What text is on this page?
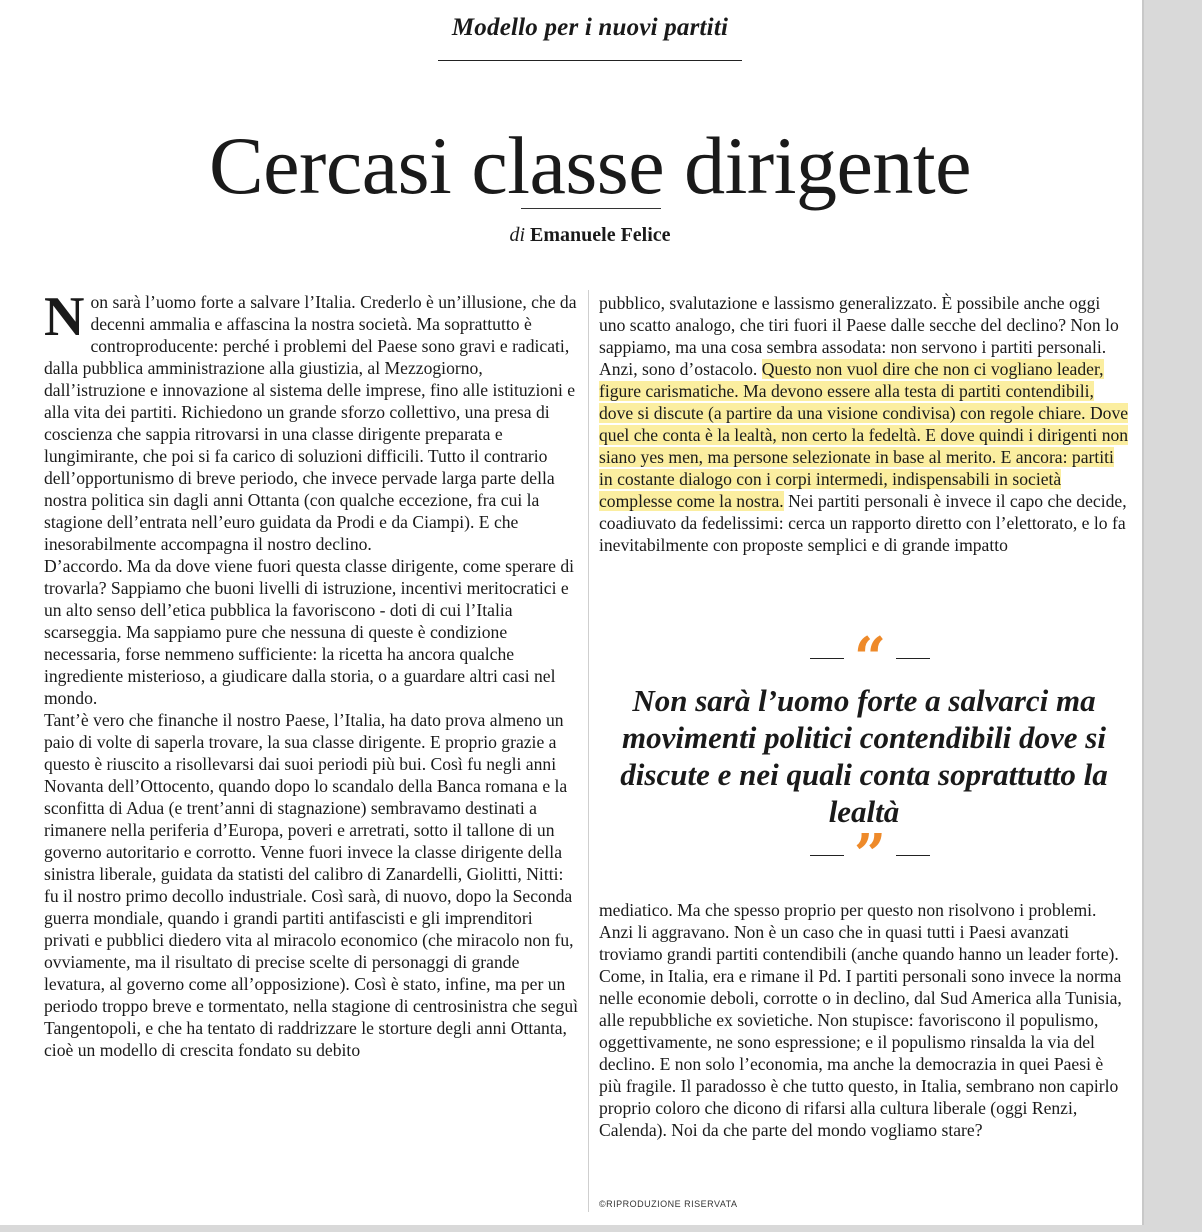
Modello per i nuovi partiti
Cercasi classe dirigente
di Emanuele Felice

Non sarà l’uomo forte a salvare l’Italia. Crederlo è un’illusione, che da decenni ammalia e affascina la nostra società. Ma soprattutto è controproducente: perché i problemi del Paese sono gravi e radicati, dalla pubblica amministrazione alla giustizia, al Mezzogiorno, dall’istruzione e innovazione al sistema delle imprese, fino alle istituzioni e alla vita dei partiti. Richiedono un grande sforzo collettivo, una presa di coscienza che sappia ritrovarsi in una classe dirigente preparata e lungimirante, che poi si fa carico di soluzioni difficili. Tutto il contrario dell’opportunismo di breve periodo, che invece pervade larga parte della nostra politica sin dagli anni Ottanta (con qualche eccezione, fra cui la stagione dell’entrata nell’euro guidata da Prodi e da Ciampi). E che inesorabilmente accompagna il nostro declino.

D’accordo. Ma da dove viene fuori questa classe dirigente, come sperare di trovarla? Sappiamo che buoni livelli di istruzione, incentivi meritocratici e un alto senso dell’etica pubblica la favoriscono - doti di cui l’Italia scarseggia. Ma sappiamo pure che nessuna di queste è condizione necessaria, forse nemmeno sufficiente: la ricetta ha ancora qualche ingrediente misterioso, a giudicare dalla storia, o a guardare altri casi nel mondo.

Tant’è vero che finanche il nostro Paese, l’Italia, ha dato prova almeno un paio di volte di saperla trovare, la sua classe dirigente. E proprio grazie a questo è riuscito a risollevarsi dai suoi periodi più bui. Così fu negli anni Novanta dell’Ottocento, quando dopo lo scandalo della Banca romana e la sconfitta di Adua (e trent’anni di stagnazione) sembravamo destinati a rimanere nella periferia d’Europa, poveri e arretrati, sotto il tallone di un governo autoritario e corrotto. Venne fuori invece la classe dirigente della sinistra liberale, guidata da statisti del calibro di Zanardelli, Giolitti, Nitti: fu il nostro primo decollo industriale. Così sarà, di nuovo, dopo la Seconda guerra mondiale, quando i grandi partiti antifascisti e gli imprenditori privati e pubblici diedero vita al miracolo economico (che miracolo non fu, ovviamente, ma il risultato di precise scelte di personaggi di grande levatura, al governo come all’opposizione). Così è stato, infine, ma per un periodo troppo breve e tormentato, nella stagione di centrosinistra che seguì Tangentopoli, e che ha tentato di raddrizzare le storture degli anni Ottanta, cioè un modello di crescita fondato su debito

pubblico, svalutazione e lassismo generalizzato. È possibile anche oggi uno scatto analogo, che tiri fuori il Paese dalle secche del declino? Non lo sappiamo, ma una cosa sembra assodata: non servono i partiti personali. Anzi, sono d’ostacolo. Questo non vuol dire che non ci vogliano leader, figure carismatiche. Ma devono essere alla testa di partiti contendibili, dove si discute (a partire da una visione condivisa) con regole chiare. Dove quel che conta è la lealtà, non certo la fedeltà. E dove quindi i dirigenti non siano yes men, ma persone selezionate in base al merito. E ancora: partiti in costante dialogo con i corpi intermedi, indispensabili in società complesse come la nostra. Nei partiti personali è invece il capo che decide, coadiuvato da fedelissimi: cerca un rapporto diretto con l’elettorato, e lo fa inevitabilmente con proposte semplici e di grande impatto

“
Non sarà l’uomo forte a salvarci ma movimenti politici contendibili dove si discute e nei quali conta soprattutto la lealtà
”

mediatico. Ma che spesso proprio per questo non risolvono i problemi. Anzi li aggravano. Non è un caso che in quasi tutti i Paesi avanzati troviamo grandi partiti contendibili (anche quando hanno un leader forte). Come, in Italia, era e rimane il Pd. I partiti personali sono invece la norma nelle economie deboli, corrotte o in declino, dal Sud America alla Tunisia, alle repubbliche ex sovietiche. Non stupisce: favoriscono il populismo, oggettivamente, ne sono espressione; e il populismo rinsalda la via del declino. E non solo l’economia, ma anche la democrazia in quei Paesi è più fragile. Il paradosso è che tutto questo, in Italia, sembrano non capirlo proprio coloro che dicono di rifarsi alla cultura liberale (oggi Renzi, Calenda). Noi da che parte del mondo vogliamo stare?

©RIPRODUZIONE RISERVATA
